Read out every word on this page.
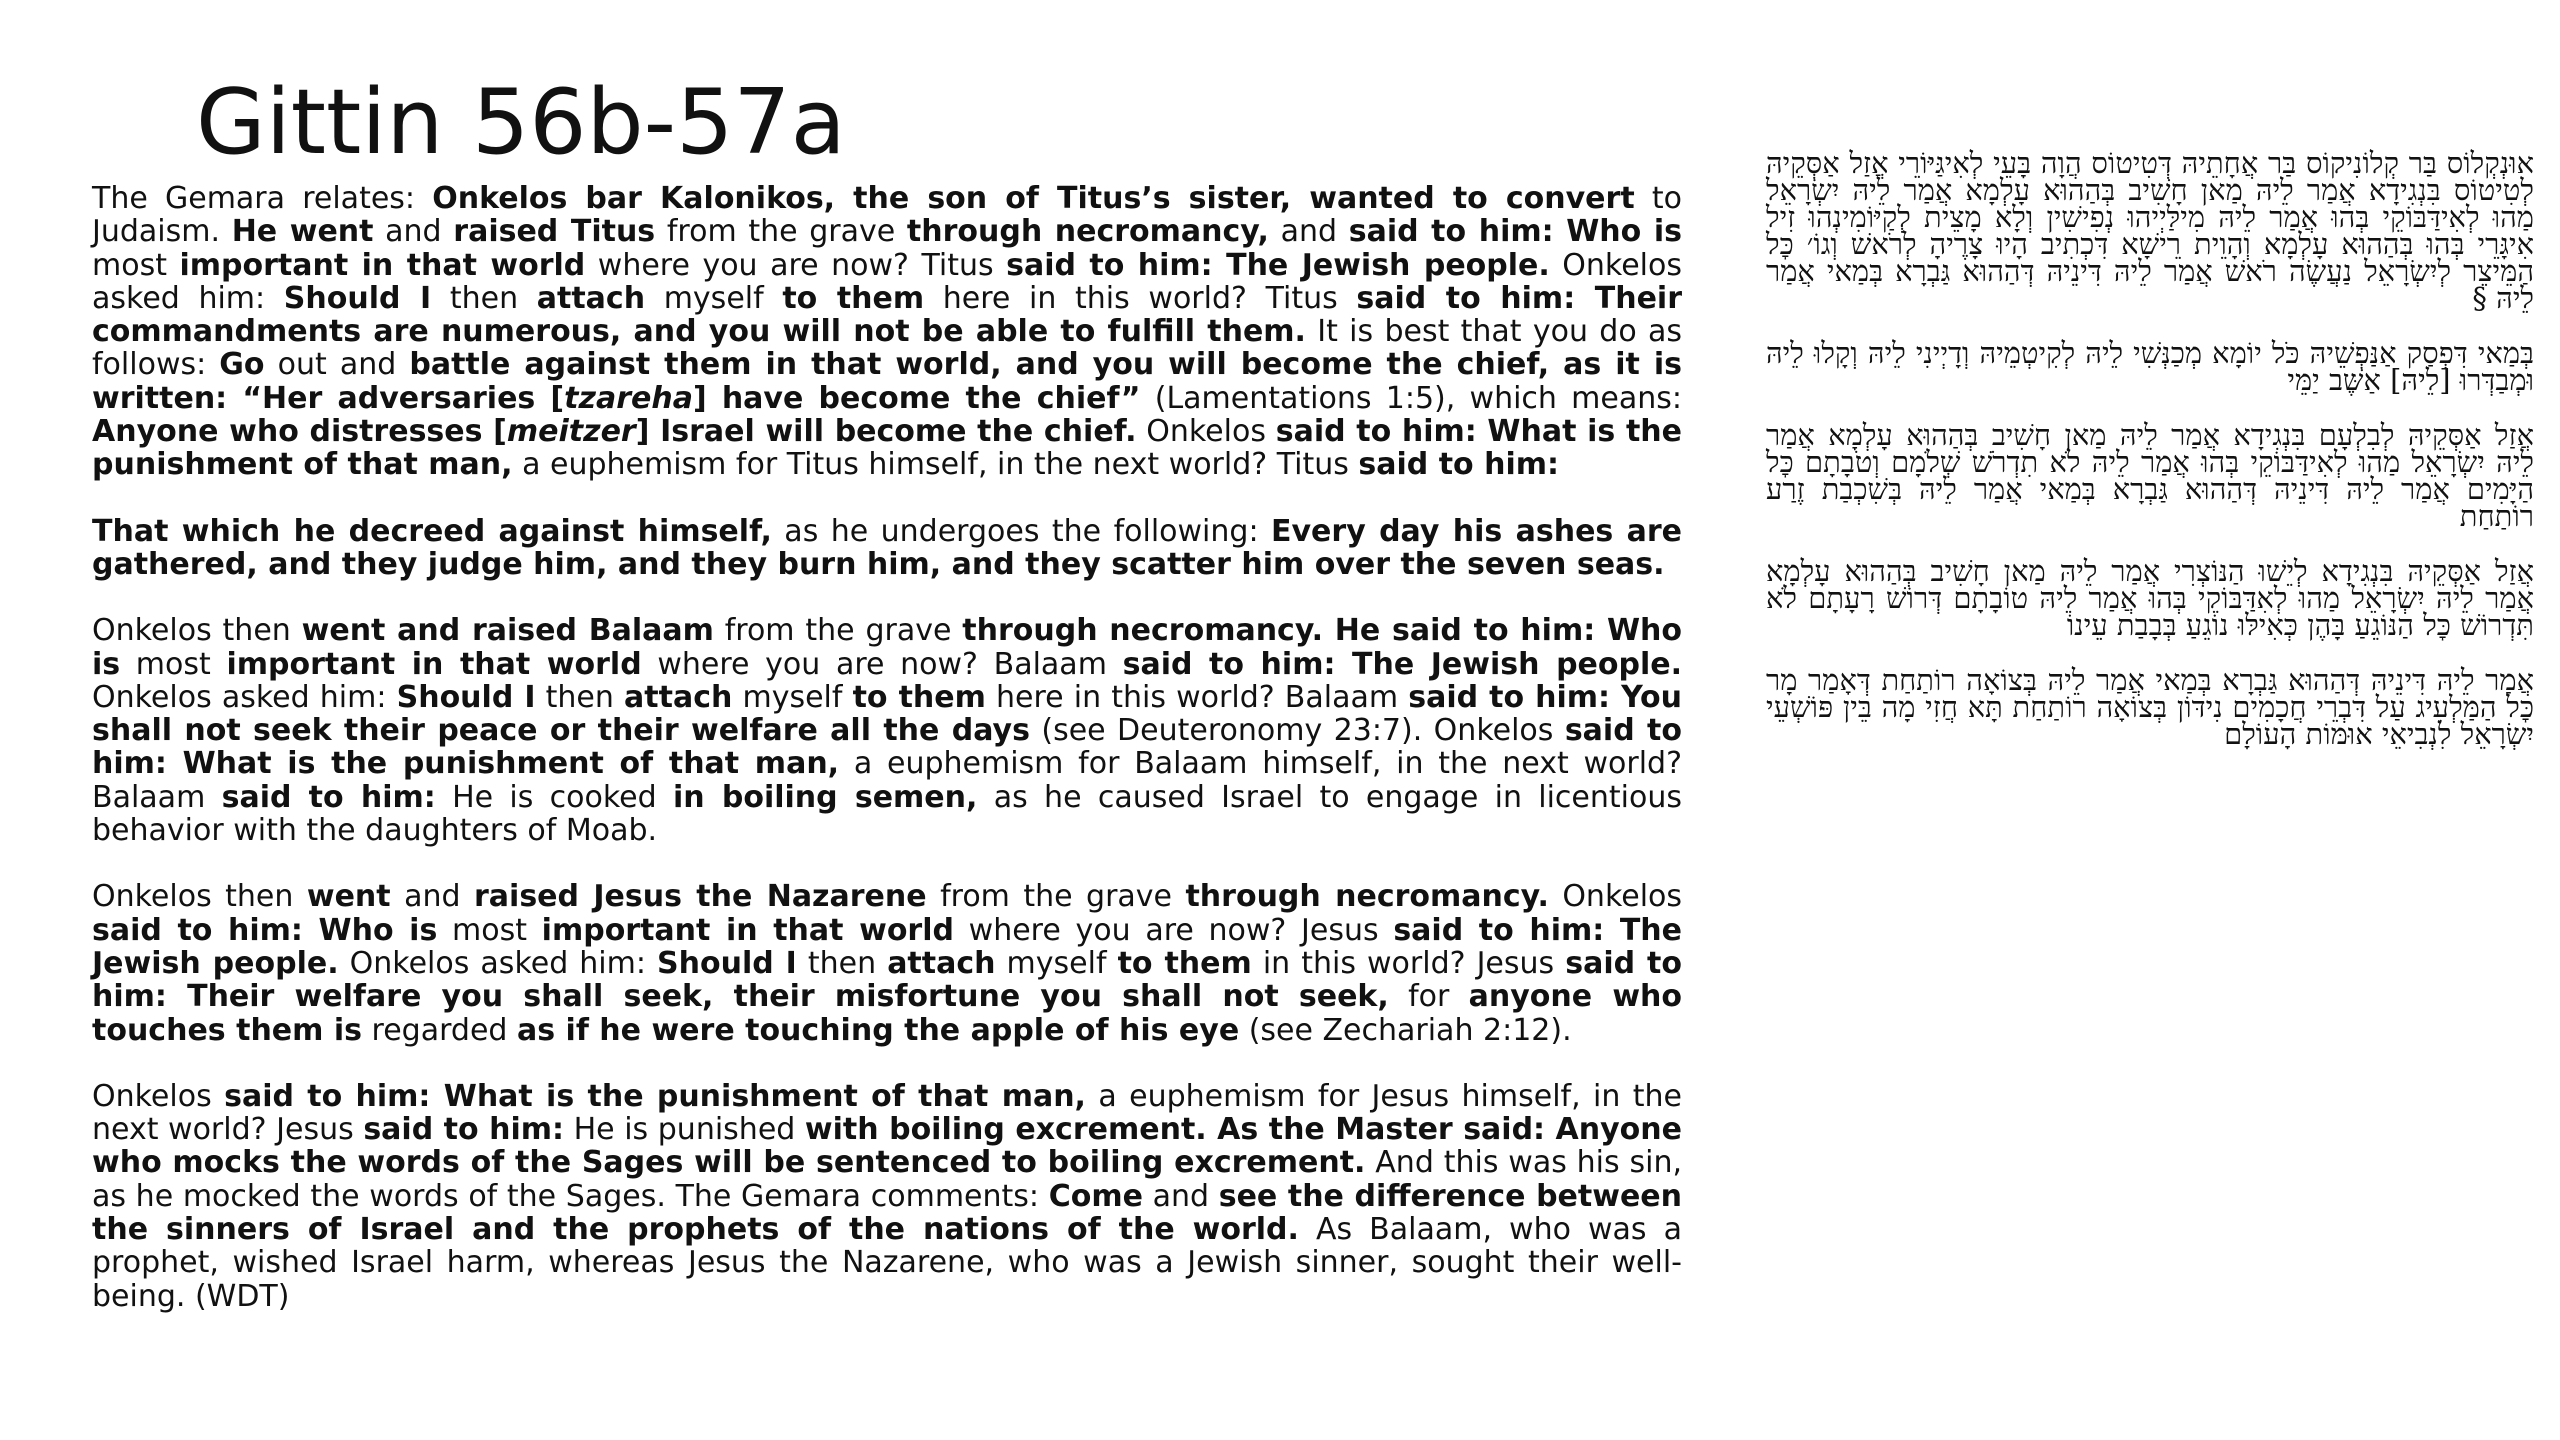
Gittin 56b-57a

The Gemara relates: Onkelos bar Kalonikos, the son of Titus’s sister, wanted to convert to Judaism. He went and raised Titus from the grave through necromancy, and said to him: Who is most important in that world where you are now? Titus said to him: The Jewish people. Onkelos asked him: Should I then attach myself to them here in this world? Titus said to him: Their commandments are numerous, and you will not be able to fulfill them. It is best that you do as follows: Go out and battle against them in that world, and you will become the chief, as it is written: “Her adversaries [tzareha] have become the chief” (Lamentations 1:5), which means: Anyone who distresses [meitzer] Israel will become the chief. Onkelos said to him: What is the punishment of that man, a euphemism for Titus himself, in the next world? Titus said to him:

That which he decreed against himself, as he undergoes the following: Every day his ashes are gathered, and they judge him, and they burn him, and they scatter him over the seven seas.

Onkelos then went and raised Balaam from the grave through necromancy. He said to him: Who is most important in that world where you are now? Balaam said to him: The Jewish people. Onkelos asked him: Should I then attach myself to them here in this world? Balaam said to him: You shall not seek their peace or their welfare all the days (see Deuteronomy 23:7). Onkelos said to him: What is the punishment of that man, a euphemism for Balaam himself, in the next world? Balaam said to him: He is cooked in boiling semen, as he caused Israel to engage in licentious behavior with the daughters of Moab.

Onkelos then went and raised Jesus the Nazarene from the grave through necromancy. Onkelos said to him: Who is most important in that world where you are now? Jesus said to him: The Jewish people. Onkelos asked him: Should I then attach myself to them in this world? Jesus said to him: Their welfare you shall seek, their misfortune you shall not seek, for anyone who touches them is regarded as if he were touching the apple of his eye (see Zechariah 2:12).

Onkelos said to him: What is the punishment of that man, a euphemism for Jesus himself, in the next world? Jesus said to him: He is punished with boiling excrement. As the Master said: Anyone who mocks the words of the Sages will be sentenced to boiling excrement. And this was his sin, as he mocked the words of the Sages. The Gemara comments: Come and see the difference between the sinners of Israel and the prophets of the nations of the world. As Balaam, who was a prophet, wished Israel harm, whereas Jesus the Nazarene, who was a Jewish sinner, sought their well-being. (WDT)

אוּנְקְלוֹס בַּר קְלוֹנִיקוֹס בַּר אֲחָתֵיהּ דְּטִיטוֹס הֲוָה בָּעֵי לְאִיגַּיּוֹרֵי אֲזַל אַסְּקֵיהּ לְטִיטוֹס בִּנְגִידָא אֲמַר לֵיהּ מַאן חָשִׁיב בְּהַהוּא עָלְמָא אֲמַר לֵיהּ יִשְׂרָאֵל מַהוּ לְאִידַּבּוֹקֵי בְּהוּ אֲמַר לֵיהּ מִילַּיְיהוּ נְפִישִׁין וְלָא מָצֵית לְקַיּוֹמִינְהוּ זִיל אִיגָּרֵי בְּהוּ בְּהַהוּא עָלְמָא וְהָוֵית רֵישָׁא דִּכְתִיב הָיוּ צָרֶיהָ לְרֹאשׁ וְגוֹ׳ כׇּל הַמֵּיצֵר לְיִשְׂרָאֵל נַעֲשֶׂה רֹאשׁ אֲמַר לֵיהּ דִּינֵיהּ דְּהַהוּא גַּבְרָא בְּמַאי אֲמַר לֵיהּ §

בְּמַאי דִּפְסַק אַנַּפְשֵׁיהּ כֹּל יוֹמָא מְכַנְּשִׁי לֵיהּ לְקִיטְמֵיהּ וְדָיְינִי לֵיהּ וְקָלוּ לֵיהּ וּמְבַדְּרוּ [לֵיהּ] אַשֶּׁב יַמֵּי

אֲזַל אַסְּקֵיהּ לְבִלְעָם בִּנְגִידָא אֲמַר לֵיהּ מַאן חָשִׁיב בְּהַהוּא עָלְמָא אֲמַר לֵיהּ יִשְׂרָאֵל מַהוּ לְאִידַּבּוֹקֵי בְּהוּ אֲמַר לֵיהּ לֹא תִדְרֹשׁ שְׁלֹמָם וְטֹבָתָם כׇּל הַיָּמִים אֲמַר לֵיהּ דִּינֵיהּ דְּהַהוּא גַּבְרָא בְּמַאי אֲמַר לֵיהּ בְּשִׁכְבַת זֶרַע רוֹתַחַת

אֲזַל אַסְּקֵיהּ בִּנְגִידָא לְיֵשׁוּ הַנּוֹצְרִי אֲמַר לֵיהּ מַאן חָשִׁיב בְּהַהוּא עָלְמָא אֲמַר לֵיהּ יִשְׂרָאֵל מַהוּ לְאִדַּבּוֹקֵי בְּהוּ אֲמַר לֵיהּ טוֹבָתָם דְּרוֹשׁ רָעָתָם לֹא תִּדְרוֹשׁ כׇּל הַנּוֹגֵעַ בָּהֶן כְּאִילּוּ נוֹגֵעַ בְּבָבַת עֵינוֹ

אֲמַר לֵיהּ דִּינֵיהּ דְּהַהוּא גַּבְרָא בְּמַאי אֲמַר לֵיהּ בְּצוֹאָה רוֹתַחַת דְּאָמַר מָר כׇּל הַמַּלְעִיג עַל דִּבְרֵי חֲכָמִים נִידּוֹן בְּצוֹאָה רוֹתַחַת תָּא חֲזִי מָה בֵּין פּוֹשְׁעֵי יִשְׂרָאֵל לִנְבִיאֵי אוּמּוֹת הָעוֹלָם
